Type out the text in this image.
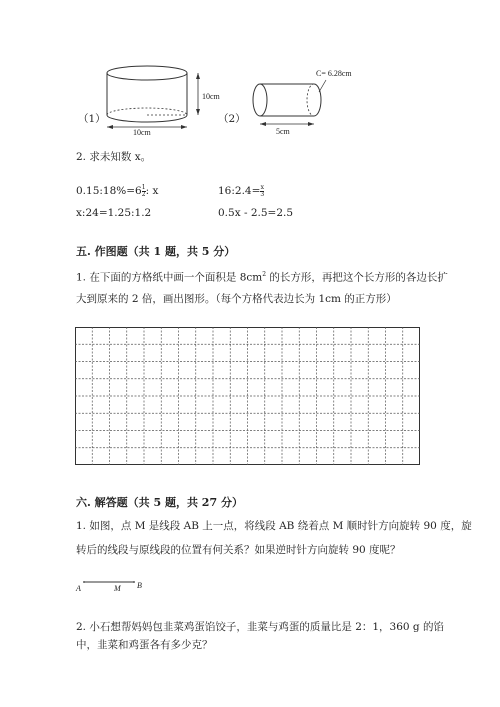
（1）
10cm
10cm
（2）
C= 6.28cm
5cm
2. 求未知数 x。
0.15:18%=6 $\frac{1}{2}$ : x	16:2.4= $\frac{x}{3}$
x:24=1.25:1.2	0.5x - 2.5=2.5
五. 作图题（共 1 题，共 5 分）
1. 在下面的方格纸中画一个面积是 $8cm^2$ 的长方形，再把这个长方形的各边长扩
大到原来的 2 倍，画出图形。（每个方格代表边长为 1cm 的正方形）
六. 解答题（共 5 题，共 27 分）
1. 如图，点 M 是线段 AB 上一点，将线段 AB 绕着点 M 顺时针方向旋转 90 度，旋
转后的线段与原线段的位置有何关系？如果逆时针方向旋转 90 度呢？
A	M B
2. 小石想帮妈妈包韭菜鸡蛋馅饺子，韭菜与鸡蛋的质量比是 2：1，360 g 的馅
中，韭菜和鸡蛋各有多少克？
